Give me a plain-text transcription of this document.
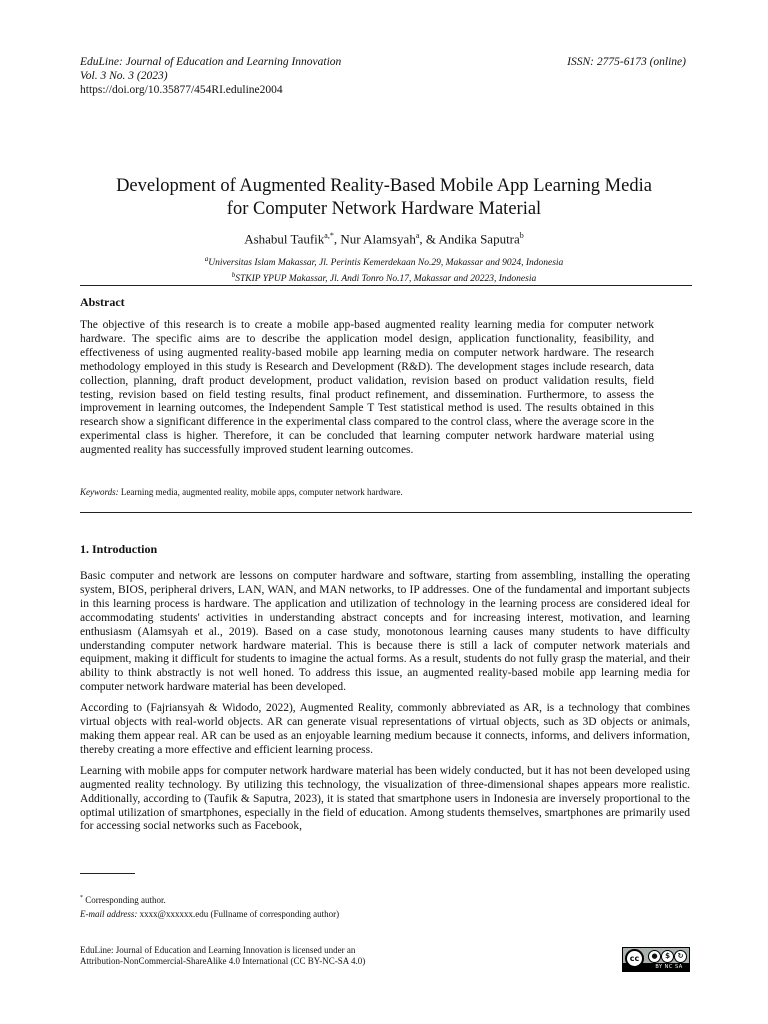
EduLine: Journal of Education and Learning Innovation
Vol. 3 No. 3 (2023)
https://doi.org/10.35877/454RI.eduline2004
ISSN: 2775-6173 (online)
Development of Augmented Reality-Based Mobile App Learning Media
for Computer Network Hardware Material
Ashabul Taufik$^{a,*}$, Nur Alamsyah$^a$, & Andika Saputra$^b$
$^a$Universitas Islam Makassar, Jl. Perintis Kemerdekaan No.29, Makassar and 9024, Indonesia
$^b$STKIP YPUP Makassar, Jl. Andi Tonro No.17, Makassar and 20223, Indonesia
Abstract
The objective of this research is to create a mobile app-based augmented reality learning media for computer network hardware. The specific aims are to describe the application model design, application functionality, feasibility, and effectiveness of using augmented reality-based mobile app learning media on computer network hardware. The research methodology employed in this study is Research and Development (R&D). The development stages include research, data collection, planning, draft product development, product validation, revision based on product validation results, field testing, revision based on field testing results, final product refinement, and dissemination. Furthermore, to assess the improvement in learning outcomes, the Independent Sample T Test statistical method is used. The results obtained in this research show a significant difference in the experimental class compared to the control class, where the average score in the experimental class is higher. Therefore, it can be concluded that learning computer network hardware material using augmented reality has successfully improved student learning outcomes.
Keywords: Learning media, augmented reality, mobile apps, computer network hardware.
1. Introduction

Basic computer and network are lessons on computer hardware and software, starting from assembling, installing the operating system, BIOS, peripheral drivers, LAN, WAN, and MAN networks, to IP addresses. One of the fundamental and important subjects in this learning process is hardware. The application and utilization of technology in the learning process are considered ideal for accommodating students' activities in understanding abstract concepts and for increasing interest, motivation, and learning enthusiasm (Alamsyah et al., 2019). Based on a case study, monotonous learning causes many students to have difficulty understanding computer network hardware material. This is because there is still a lack of computer network materials and equipment, making it difficult for students to imagine the actual forms. As a result, students do not fully grasp the material, and their ability to think abstractly is not well honed. To address this issue, an augmented reality-based mobile app learning media for computer network hardware material has been developed.

According to (Fajriansyah & Widodo, 2022), Augmented Reality, commonly abbreviated as AR, is a technology that combines virtual objects with real-world objects. AR can generate visual representations of virtual objects, such as 3D objects or animals, making them appear real. AR can be used as an enjoyable learning medium because it connects, informs, and delivers information, thereby creating a more effective and efficient learning process.

Learning with mobile apps for computer network hardware material has been widely conducted, but it has not been developed using augmented reality technology. By utilizing this technology, the visualization of three-dimensional shapes appears more realistic. Additionally, according to (Taufik & Saputra, 2023), it is stated that smartphone users in Indonesia are inversely proportional to the optimal utilization of smartphones, especially in the field of education. Among students themselves, smartphones are primarily used for accessing social networks such as Facebook,

* Corresponding author.
E-mail address: xxxx@xxxxxx.edu (Fullname of corresponding author)
EduLine: Journal of Education and Learning Innovation is licensed under an
Attribution-NonCommercial-ShareAlike 4.0 International (CC BY-NC-SA 4.0)	cc	●	$	↻
BY NC SA
